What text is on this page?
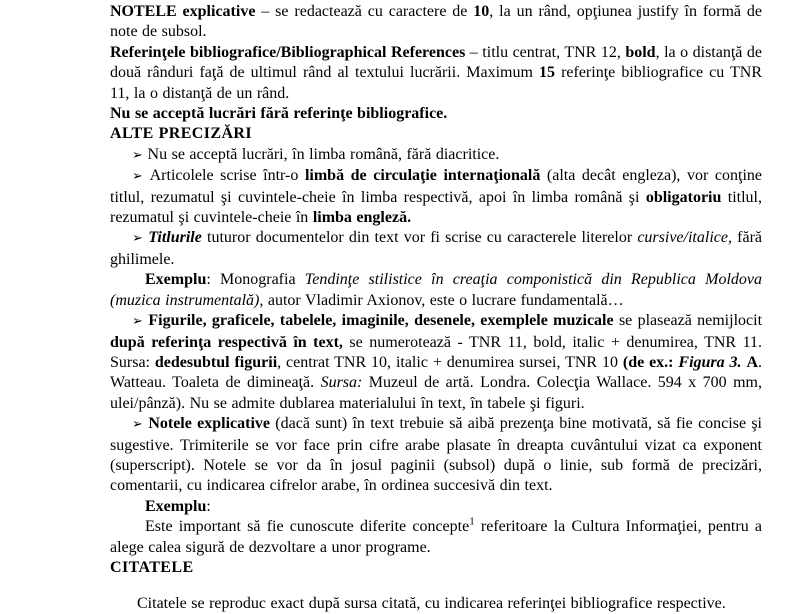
NOTELE explicative – se redactează cu caractere de 10, la un rând, opţiunea justify în formă de note de subsol.

Referinţele bibliografice/Bibliographical References – titlu centrat, TNR 12, bold, la o distanţă de două rânduri faţă de ultimul rând al textului lucrării. Maximum 15 referinţe bibliografice cu TNR 11, la o distanţă de un rând.

Nu se acceptă lucrări fără referinţe bibliografice.

ALTE PRECIZĂRI

➢ Nu se acceptă lucrări, în limba română, fără diacritice.

➢ Articolele scrise într-o limbă de circulaţie internaţională (alta decât engleza), vor conţine titlul, rezumatul şi cuvintele-cheie în limba respectivă, apoi în limba română şi obligatoriu titlul, rezumatul şi cuvintele-cheie în limba engleză.

➢ Titlurile tuturor documentelor din text vor fi scrise cu caracterele literelor cursive/italice, fără ghilimele.

Exemplu: Monografia Tendinţe stilistice în creaţia componistică din Republica Moldova (muzica instrumentală), autor Vladimir Axionov, este o lucrare fundamentală…

➢ Figurile, graficele, tabelele, imaginile, desenele, exemplele muzicale se plasează nemijlocit după referinţa respectivă în text, se numerotează - TNR 11, bold, italic + denumirea, TNR 11. Sursa: dedesubtul figurii, centrat TNR 10, italic + denumirea sursei, TNR 10 (de ex.: Figura 3. A. Watteau. Toaleta de dimineaţă. Sursa: Muzeul de artă. Londra. Colecţia Wallace. 594 x 700 mm, ulei/pânză). Nu se admite dublarea materialului în text, în tabele şi figuri.

➢ Notele explicative (dacă sunt) în text trebuie să aibă prezenţa bine motivată, să fie concise şi sugestive. Trimiterile se vor face prin cifre arabe plasate în dreapta cuvântului vizat ca exponent (superscript). Notele se vor da în josul paginii (subsol) după o linie, sub formă de precizări, comentarii, cu indicarea cifrelor arabe, în ordinea succesivă din text.

Exemplu:

Este important să fie cunoscute diferite concepte$^1$ referitoare la Cultura Informaţiei, pentru a alege calea sigură de dezvoltare a unor programe.

CITATELE

Citatele se reproduc exact după sursa citată, cu indicarea referinţei bibliografice respective.
